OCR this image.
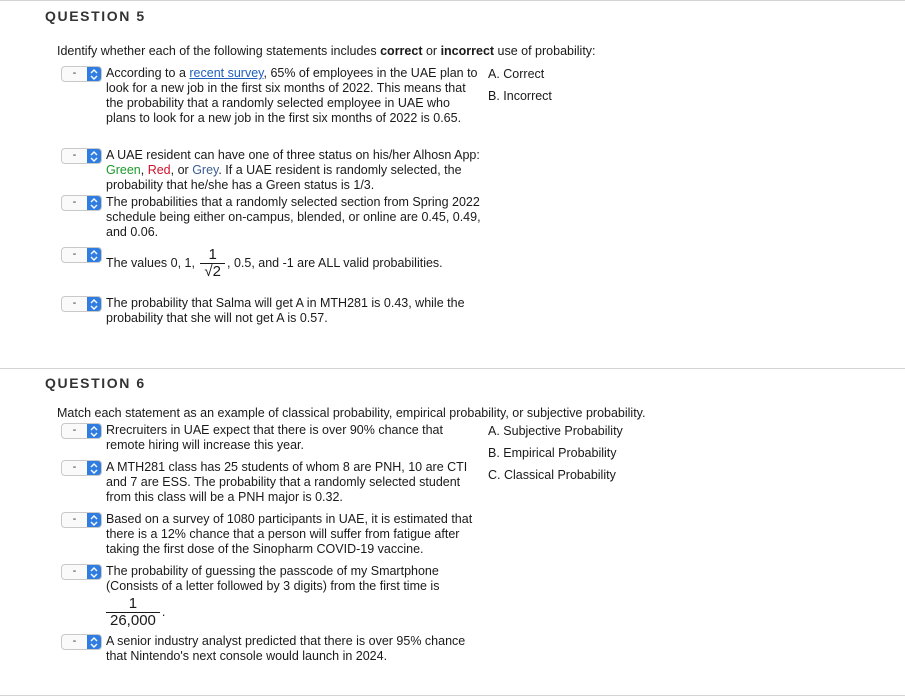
QUESTION 5
Identify whether each of the following statements includes correct or incorrect use of probability:
-	According to a recent survey, 65% of employees in the UAE plan to look for a new job in the first six months of 2022. This means that the probability that a randomly selected employee in UAE who plans to look for a new job in the first six months of 2022 is 0.65.
-	A UAE resident can have one of three status on his/her Alhosn App: Green, Red, or Grey. If a UAE resident is randomly selected, the probability that he/she has a Green status is 1/3.
-	The probabilities that a randomly selected section from Spring 2022 schedule being either on-campus, blended, or online are 0.45, 0.49, and 0.06.
-
The values 0, 1, $\frac{1}{√2}$ , 0.5, and -1 are ALL valid probabilities.
-	The probability that Salma will get A in MTH281 is 0.43, while the probability that she will not get A is 0.57.
A. Correct
B. Incorrect
QUESTION 6
Match each statement as an example of classical probability, empirical probability, or subjective probability.
-	Rrecruiters in UAE expect that there is over 90% chance that remote hiring will increase this year.
-	A MTH281 class has 25 students of whom 8 are PNH, 10 are CTI and 7 are ESS. The probability that a randomly selected student from this class will be a PNH major is 0.32.
-	Based on a survey of 1080 participants in UAE, it is estimated that there is a 12% chance that a person will suffer from fatigue after taking the first dose of the Sinopharm COVID-19 vaccine.
-	The probability of guessing the passcode of my Smartphone (Consists of a letter followed by 3 digits) from the first time is
$\frac{1}{26,000}$ .
-	A senior industry analyst predicted that there is over 95% chance that Nintendo's next console would launch in 2024.
A. Subjective Probability
B. Empirical Probability
C. Classical Probability
